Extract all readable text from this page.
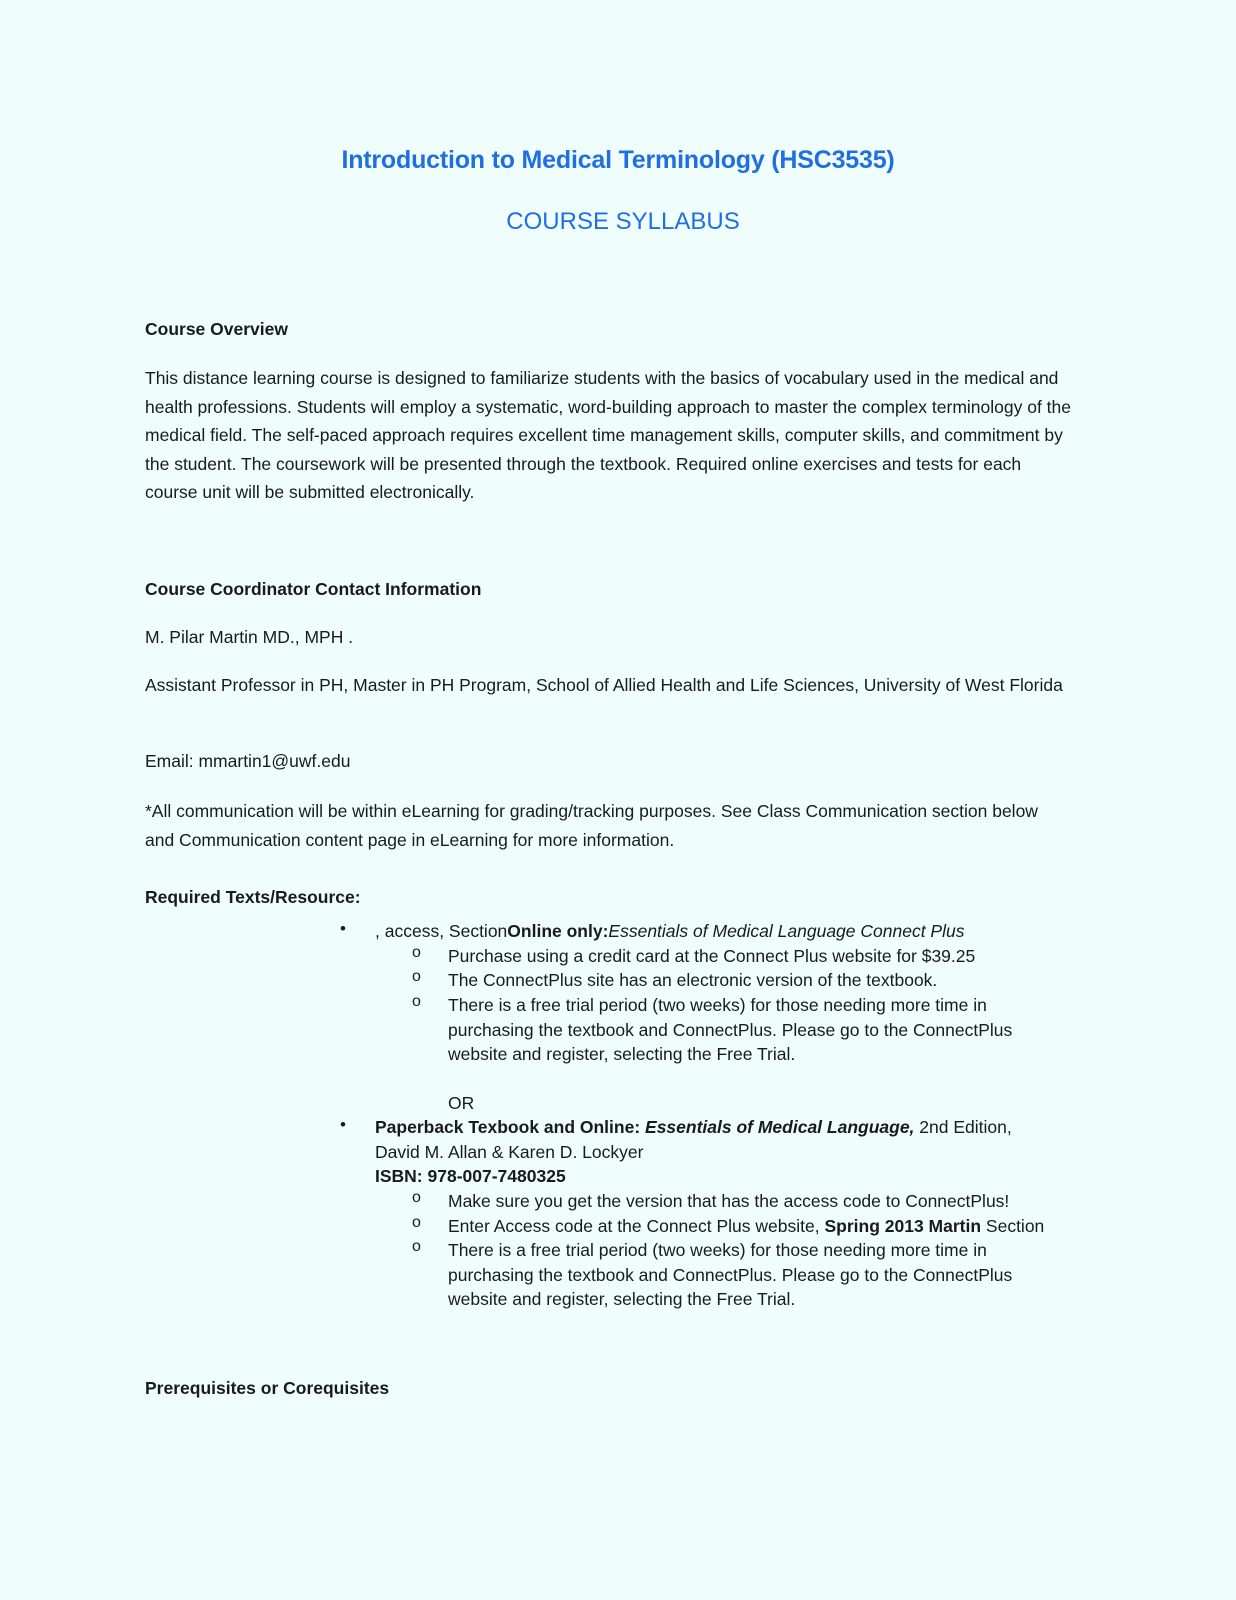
Introduction to Medical Terminology (HSC3535)
COURSE SYLLABUS
Course Overview
This distance learning course is designed to familiarize students with the basics of vocabulary used in the medical and health professions. Students will employ a systematic, word-building approach to master the complex terminology of the medical field. The self-paced approach requires excellent time management skills, computer skills, and commitment by the student. The coursework will be presented through the textbook. Required online exercises and tests for each course unit will be submitted electronically.
Course Coordinator Contact Information
M. Pilar Martin MD., MPH .
Assistant Professor in PH, Master in PH Program, School of Allied Health and Life Sciences, University of West Florida
Email: mmartin1@uwf.edu
*All communication will be within eLearning for grading/tracking purposes. See Class Communication section below and Communication content page in eLearning for more information.
Required Texts/Resource:
• , access, SectionOnline only:Essentials of Medical Language Connect Plus
o Purchase using a credit card at the Connect Plus website for $39.25
o The ConnectPlus site has an electronic version of the textbook.
o There is a free trial period (two weeks) for those needing more time in purchasing the textbook and ConnectPlus. Please go to the ConnectPlus website and register, selecting the Free Trial.
OR
• Paperback Texbook and Online: Essentials of Medical Language, 2nd Edition,
David M. Allan & Karen D. Lockyer
ISBN: 978-007-7480325
o Make sure you get the version that has the access code to ConnectPlus!
o Enter Access code at the Connect Plus website, Spring 2013 Martin Section
o There is a free trial period (two weeks) for those needing more time in purchasing the textbook and ConnectPlus. Please go to the ConnectPlus website and register, selecting the Free Trial.
Prerequisites or Corequisites
